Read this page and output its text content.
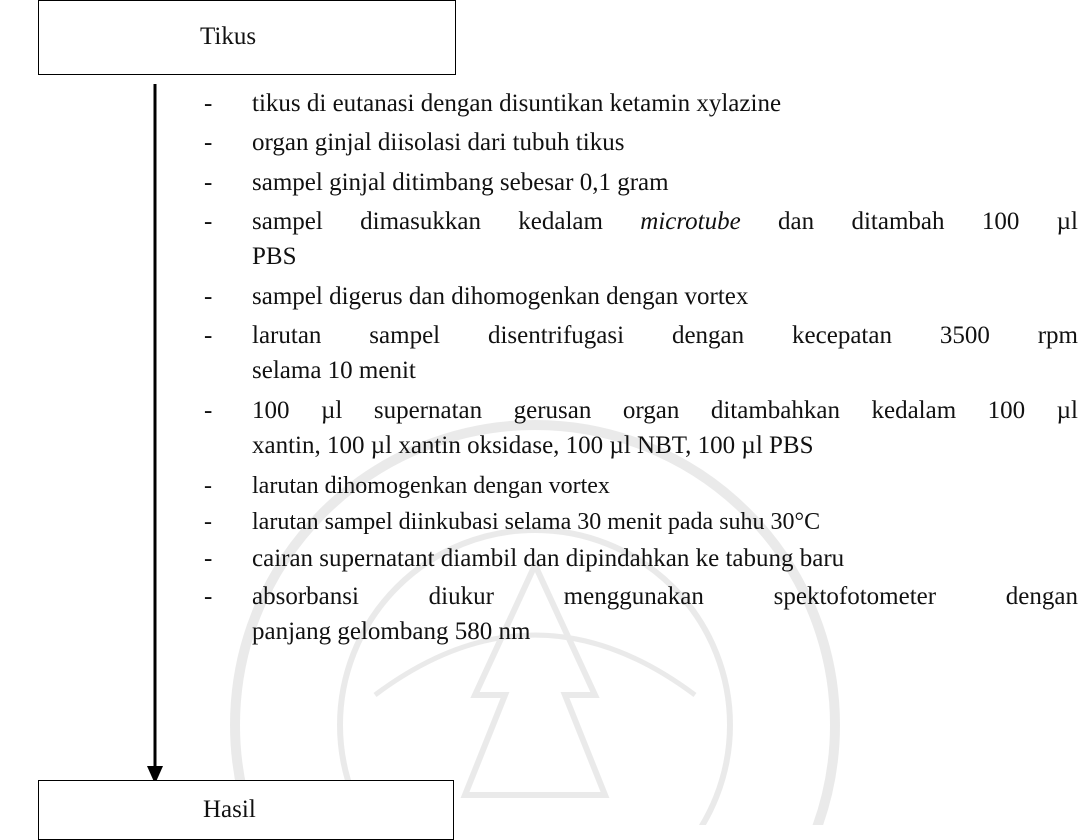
Tikus
- tikus di eutanasi dengan disuntikan ketamin xylazine
- organ ginjal diisolasi dari tubuh tikus
- sampel ginjal ditimbang sebesar 0,1 gram
- sampel dimasukkan kedalam microtube dan ditambah 100 µl
PBS
- sampel digerus dan dihomogenkan dengan vortex
- larutan sampel disentrifugasi dengan kecepatan 3500 rpm
selama 10 menit
- 100 µl supernatan gerusan organ ditambahkan kedalam 100 µl
xantin, 100 µl xantin oksidase, 100 µl NBT, 100 µl PBS
- larutan dihomogenkan dengan vortex
- larutan sampel diinkubasi selama 30 menit pada suhu 30°C
- cairan supernatant diambil dan dipindahkan ke tabung baru
- absorbansi diukur menggunakan spektofotometer dengan
panjang gelombang 580 nm
Hasil
